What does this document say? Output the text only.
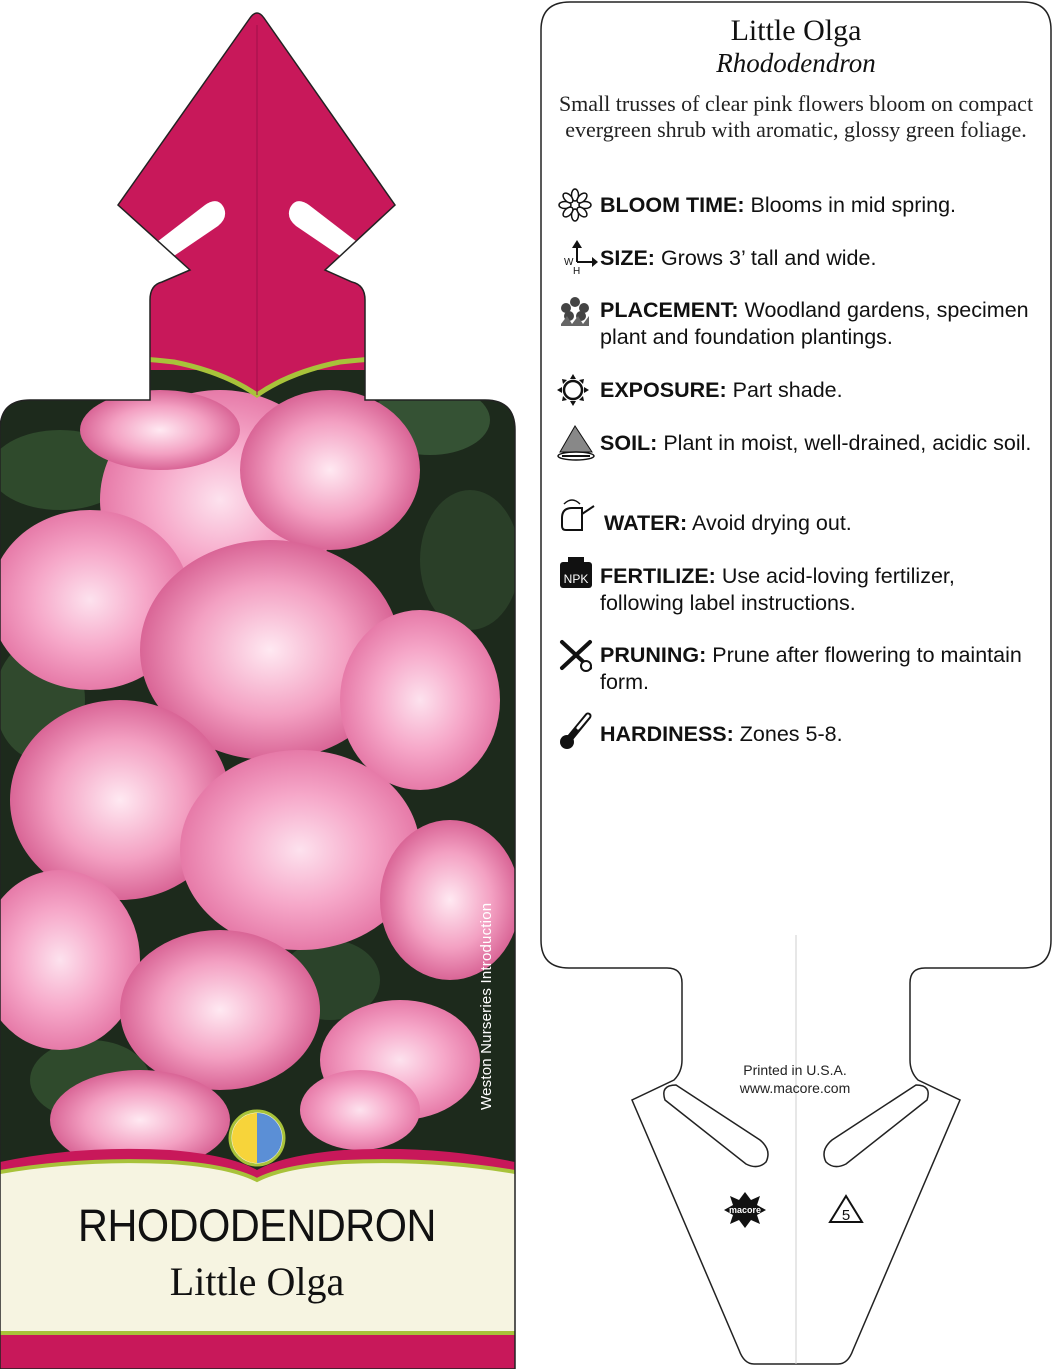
macore	5
W
H
NPK
RHODODENDRON
Little Olga
Weston Nurseries Introduction
Little Olga
Rhododendron
Small trusses of clear pink flowers bloom on compact evergreen shrub with aromatic, glossy green foliage.
BLOOM TIME: Blooms in mid spring.
SIZE: Grows 3’ tall and wide.
PLACEMENT: Woodland gardens, specimen plant and foundation plantings.
EXPOSURE: Part shade.
SOIL: Plant in moist, well-drained, acidic soil.
WATER: Avoid drying out.
FERTILIZE: Use acid-loving fertilizer, following label instructions.
PRUNING: Prune after flowering to maintain form.
HARDINESS: Zones 5-8.
Printed in U.S.A.
www.macore.com
